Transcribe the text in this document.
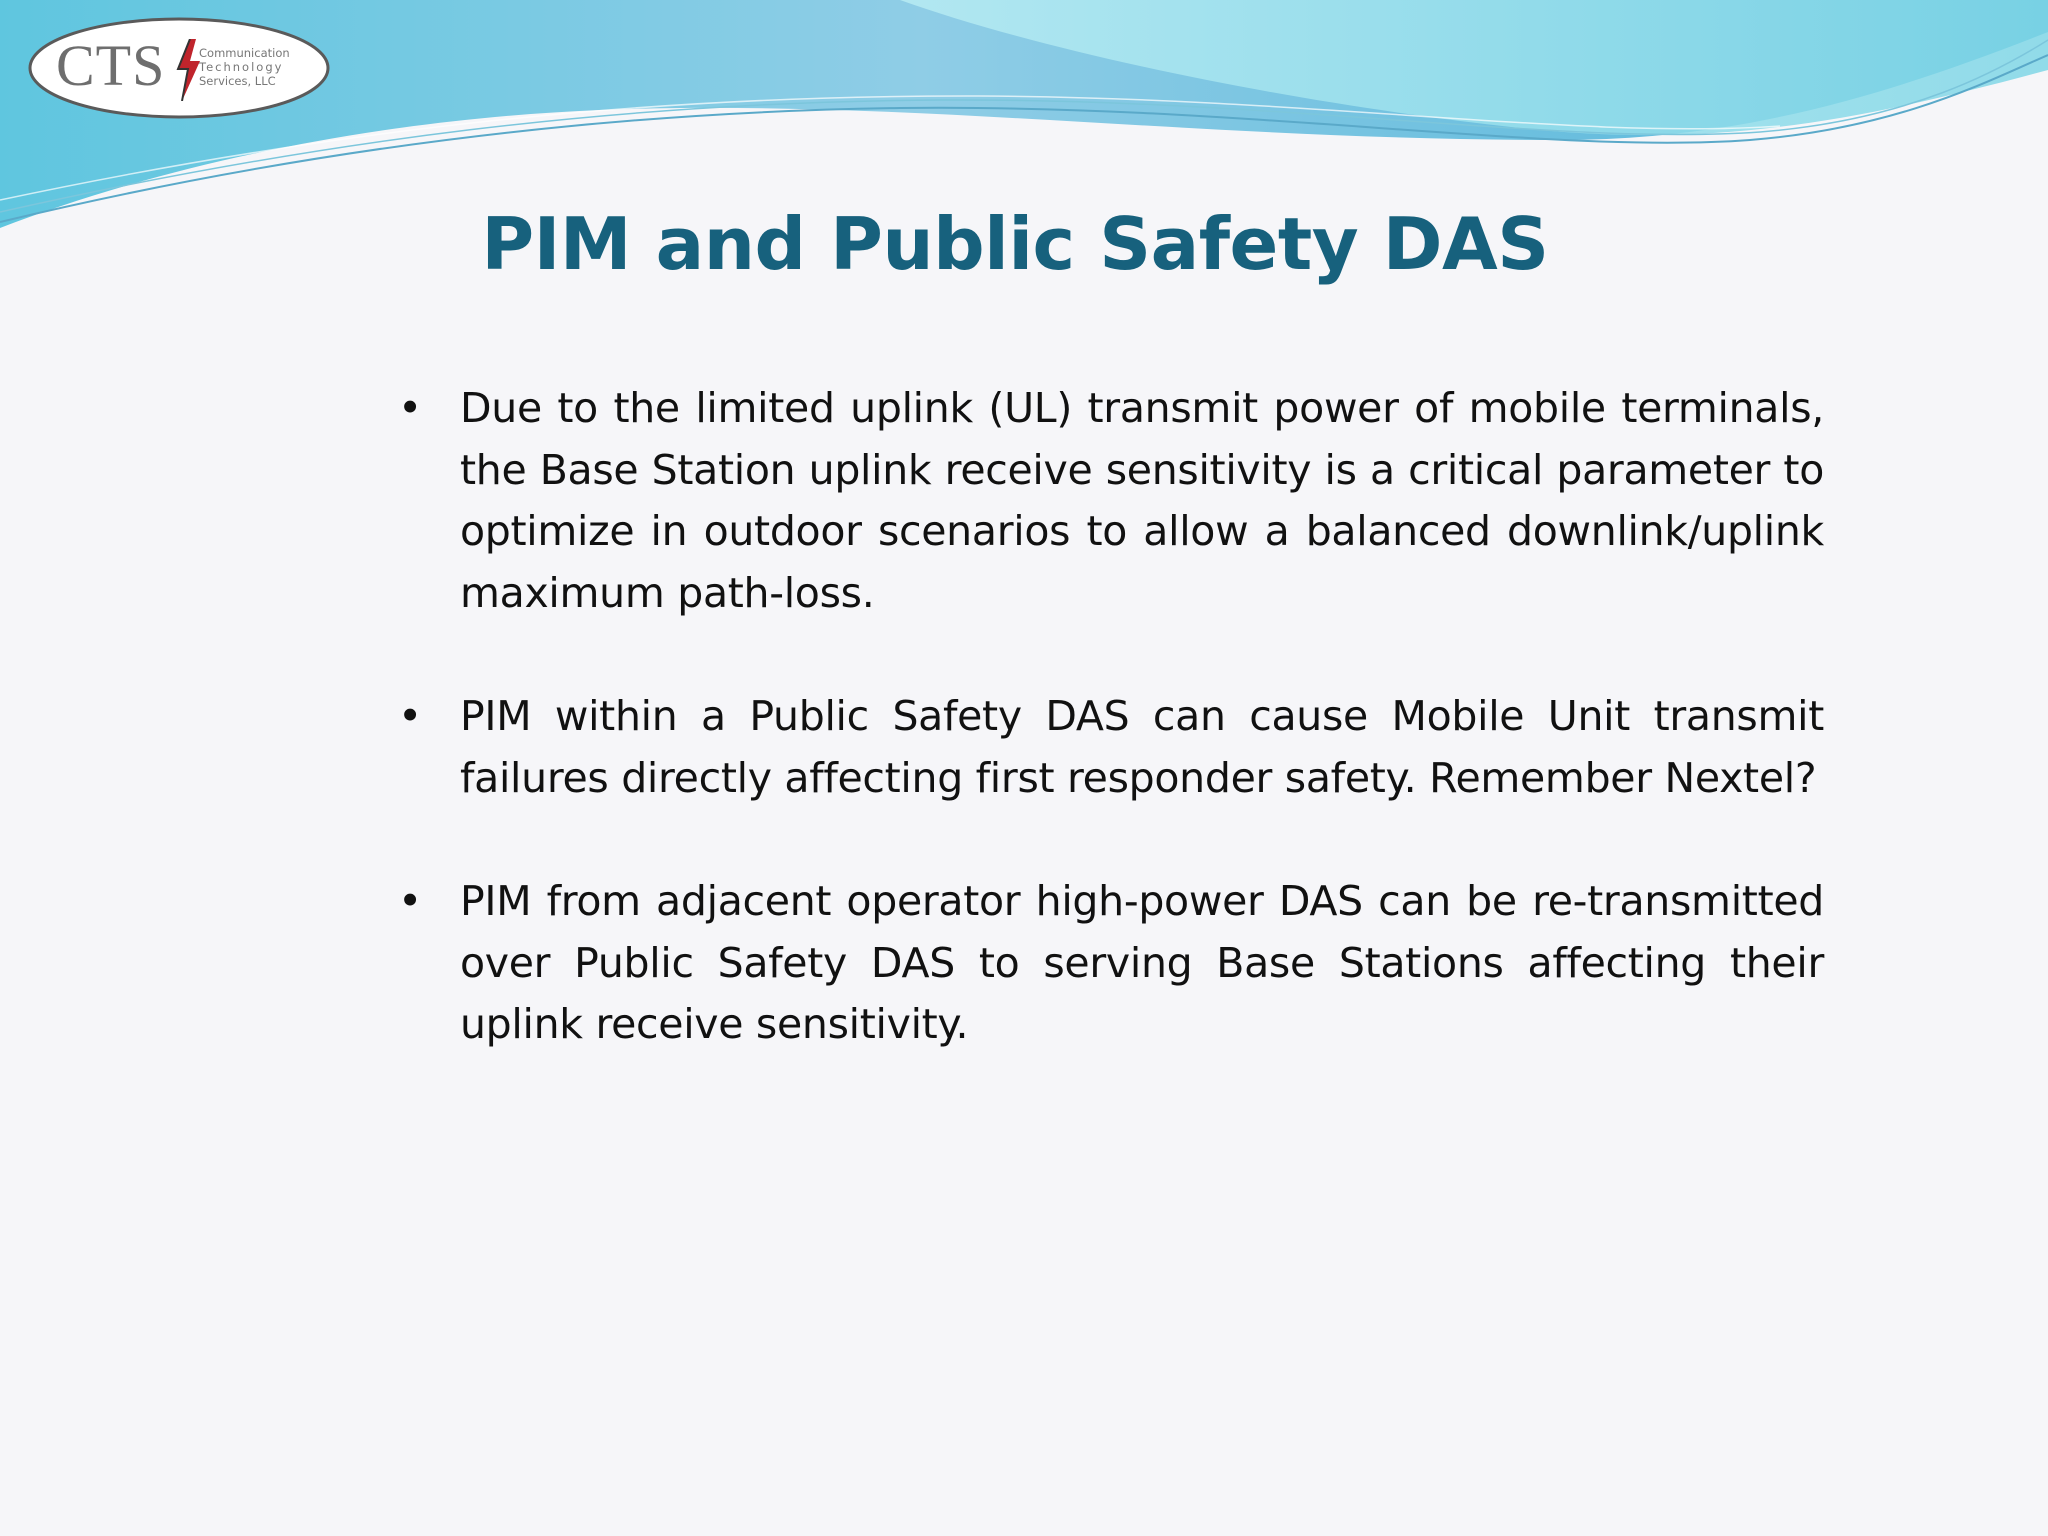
CTS	Communication
Technology
Services, LLC
PIM and Public Safety DAS
• Due to the limited uplink (UL) transmit power of mobile terminals, the Base Station uplink receive sensitivity is a critical parameter to optimize in outdoor scenarios to allow a balanced downlink/uplink maximum path-loss.
• PIM within a Public Safety DAS can cause Mobile Unit transmit failures directly affecting first responder safety. Remember Nextel?
• PIM from adjacent operator high-power DAS can be re-transmitted over Public Safety DAS to serving Base Stations affecting their uplink receive sensitivity.
